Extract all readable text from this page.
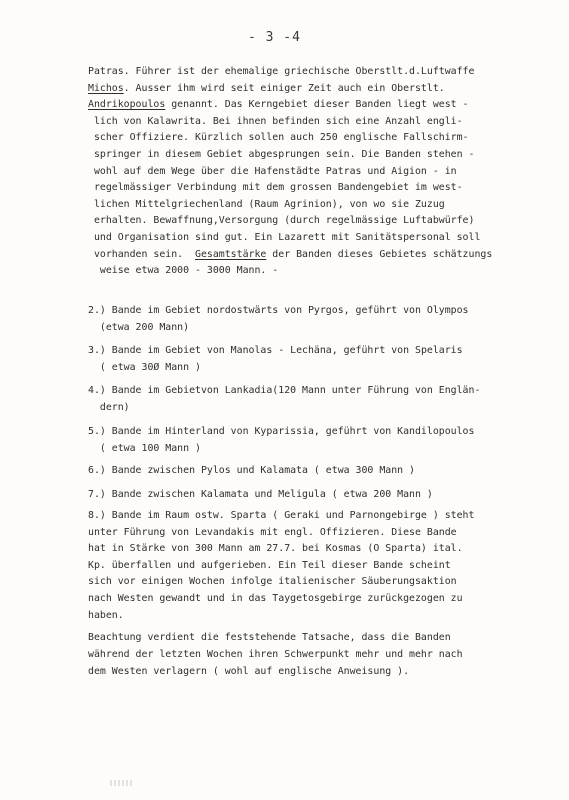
- 3 -4
Patras. Führer ist der ehemalige griechische Oberstlt.d.Luftwaffe
Michos. Ausser ihm wird seit einiger Zeit auch ein Oberstlt.
Andrikopoulos genannt. Das Kerngebiet dieser Banden liegt west -
lich von Kalawrita. Bei ihnen befinden sich eine Anzahl engli-
scher Offiziere. Kürzlich sollen auch 250 englische Fallschirm-
springer in diesem Gebiet abgesprungen sein. Die Banden stehen -
wohl auf dem Wege über die Hafenstädte Patras und Aigion - in
regelmässiger Verbindung mit dem grossen Bandengebiet im west-
lichen Mittelgriechenland (Raum Agrinion), von wo sie Zuzug
erhalten. Bewaffnung,Versorgung (durch regelmässige Luftabwürfe)
und Organisation sind gut. Ein Lazarett mit Sanitätspersonal soll
vorhanden sein.  Gesamtstärke der Banden dieses Gebietes schätzungs
weise etwa 2000 - 3000 Mann. -
2.) Bande im Gebiet nordostwärts von Pyrgos, geführt von Olympos
(etwa 200 Mann)
3.) Bande im Gebiet von Manolas - Lechäna, geführt von Spelaris
( etwa 30Ø Mann )
4.) Bande im Gebietvon Lankadia(120 Mann unter Führung von Englän-
dern)
5.) Bande im Hinterland von Kyparissia, geführt von Kandilopoulos
( etwa 100 Mann )
6.) Bande zwischen Pylos und Kalamata ( etwa 300 Mann )
7.) Bande zwischen Kalamata und Meligula ( etwa 200 Mann )
8.) Bande im Raum ostw. Sparta ( Geraki und Parnongebirge ) steht
unter Führung von Levandakis mit engl. Offizieren. Diese Bande
hat in Stärke von 300 Mann am 27.7. bei Kosmas (O Sparta) ital.
Kp. überfallen und aufgerieben. Ein Teil dieser Bande scheint
sich vor einigen Wochen infolge italienischer Säuberungsaktion
nach Westen gewandt und in das Taygetosgebirge zurückgezogen zu
haben.
Beachtung verdient die feststehende Tatsache, dass die Banden
während der letzten Wochen ihren Schwerpunkt mehr und mehr nach
dem Westen verlagern ( wohl auf englische Anweisung ).
